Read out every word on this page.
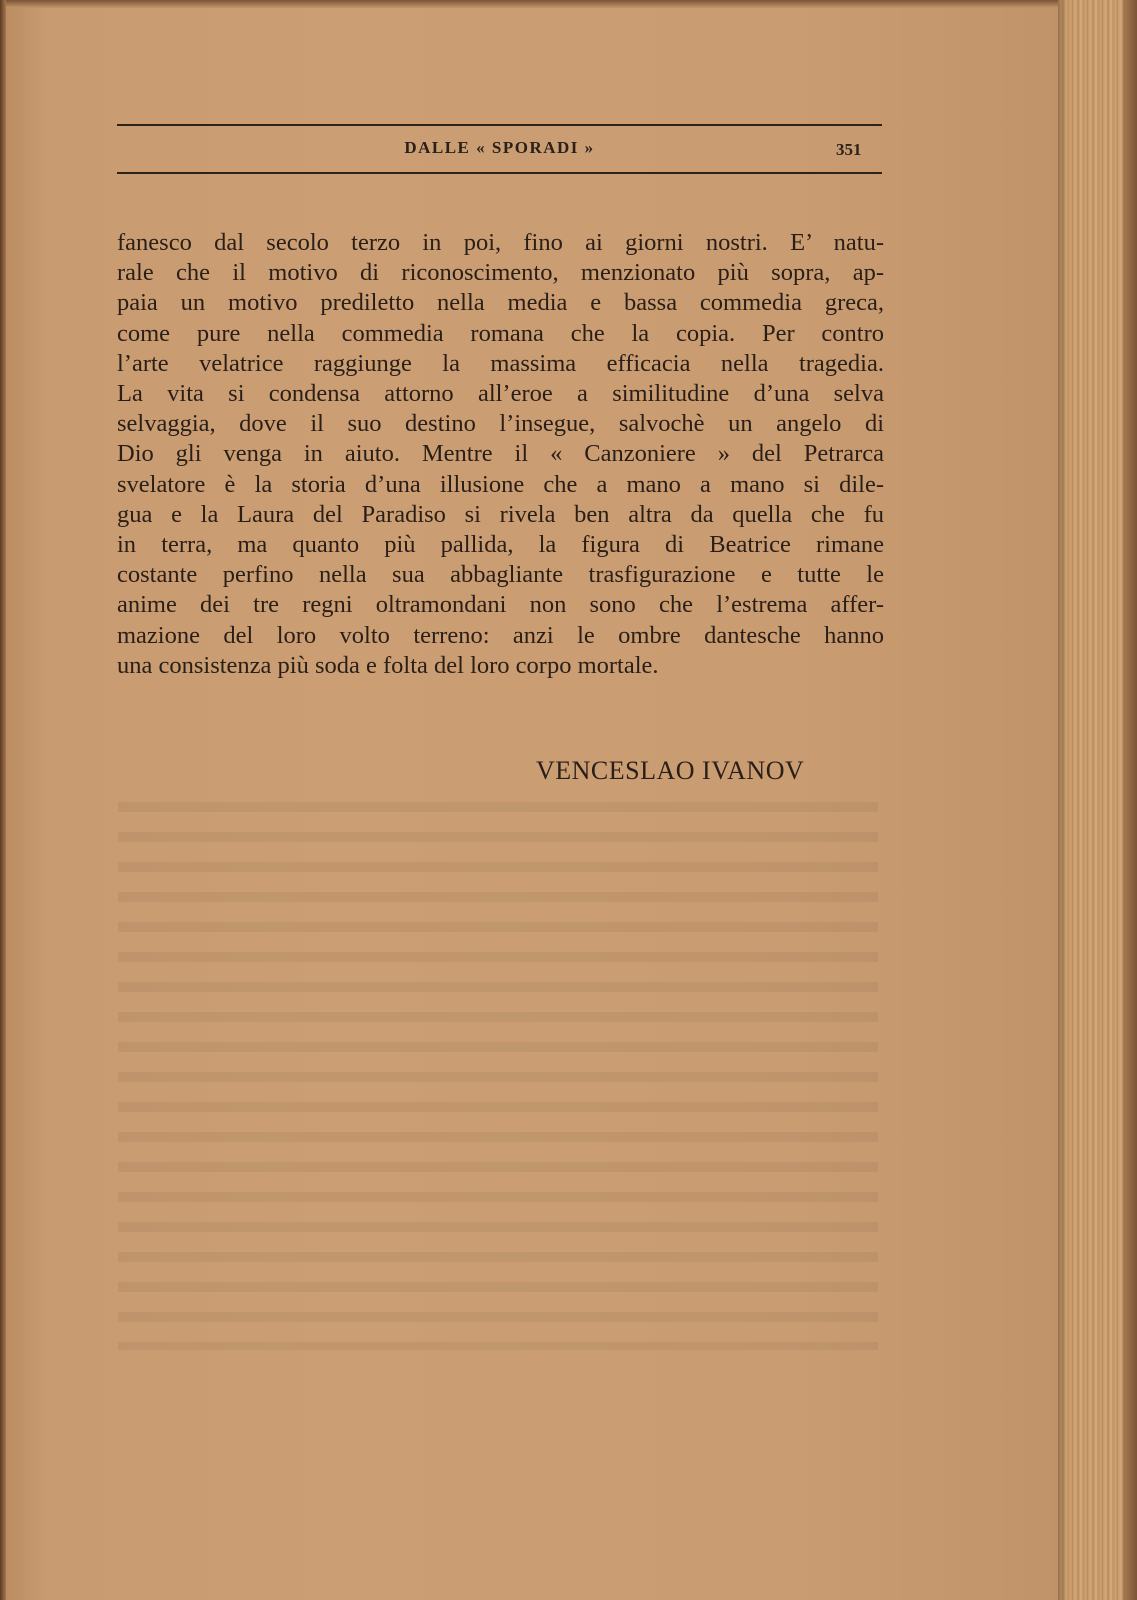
DALLE « SPORADI »	351
fanesco dal secolo terzo in poi, fino ai giorni nostri. E’ natu-
rale che il motivo di riconoscimento, menzionato più sopra, ap-
paia un motivo prediletto nella media e bassa commedia greca,
come pure nella commedia romana che la copia. Per contro
l’arte velatrice raggiunge la massima efficacia nella tragedia.
La vita si condensa attorno all’eroe a similitudine d’una selva
selvaggia, dove il suo destino l’insegue, salvochè un angelo di
Dio gli venga in aiuto. Mentre il « Canzoniere » del Petrarca
svelatore è la storia d’una illusione che a mano a mano si dile-
gua e la Laura del Paradiso si rivela ben altra da quella che fu
in terra, ma quanto più pallida, la figura di Beatrice rimane
costante perfino nella sua abbagliante trasfigurazione e tutte le
anime dei tre regni oltramondani non sono che l’estrema affer-
mazione del loro volto terreno: anzi le ombre dantesche hanno
una consistenza più soda e folta del loro corpo mortale.
VENCESLAO IVANOV
